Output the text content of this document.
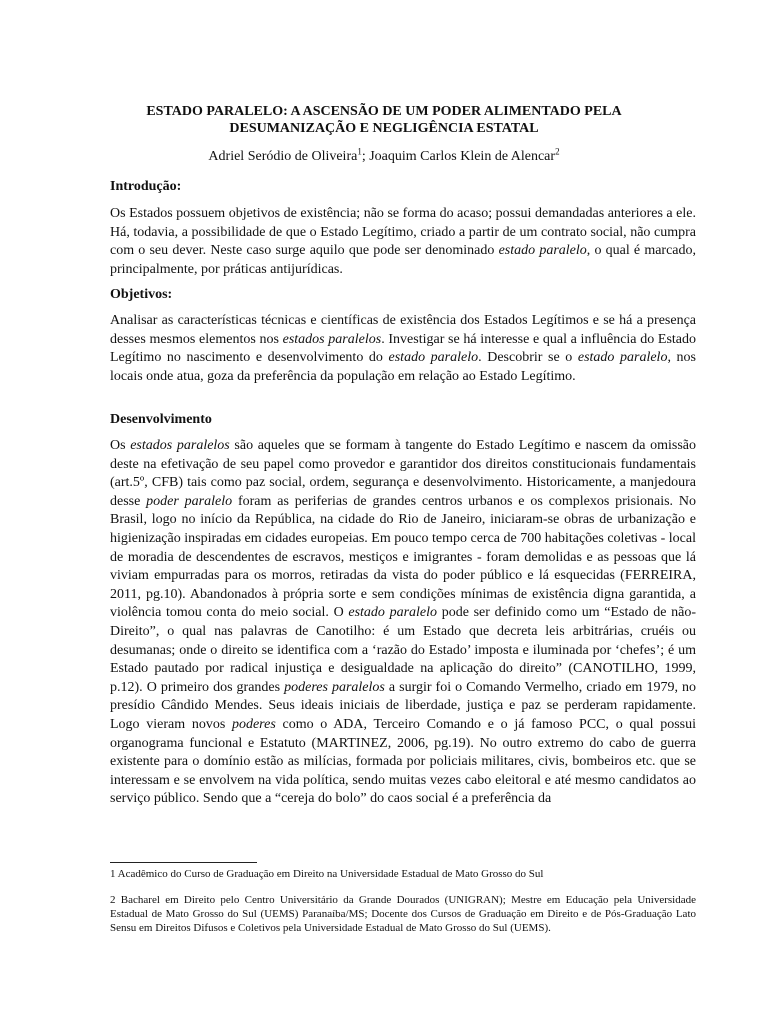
ESTADO PARALELO: A ASCENSÃO DE UM PODER ALIMENTADO PELA
DESUMANIZAÇÃO E NEGLIGÊNCIA ESTATAL
Adriel Seródio de Oliveira$^1$; Joaquim Carlos Klein de Alencar$^2$
Introdução:

Os Estados possuem objetivos de existência; não se forma do acaso; possui demandadas anteriores a ele. Há, todavia, a possibilidade de que o Estado Legítimo, criado a partir de um contrato social, não cumpra com o seu dever. Neste caso surge aquilo que pode ser denominado estado paralelo, o qual é marcado, principalmente, por práticas antijurídicas.

Objetivos:

Analisar as características técnicas e científicas de existência dos Estados Legítimos e se há a presença desses mesmos elementos nos estados paralelos. Investigar se há interesse e qual a influência do Estado Legítimo no nascimento e desenvolvimento do estado paralelo. Descobrir se o estado paralelo, nos locais onde atua, goza da preferência da população em relação ao Estado Legítimo.

Desenvolvimento

Os estados paralelos são aqueles que se formam à tangente do Estado Legítimo e nascem da omissão deste na efetivação de seu papel como provedor e garantidor dos direitos constitucionais fundamentais (art.5º, CFB) tais como paz social, ordem, segurança e desenvolvimento. Historicamente, a manjedoura desse poder paralelo foram as periferias de grandes centros urbanos e os complexos prisionais. No Brasil, logo no início da República, na cidade do Rio de Janeiro, iniciaram-se obras de urbanização e higienização inspiradas em cidades europeias. Em pouco tempo cerca de 700 habitações coletivas - local de moradia de descendentes de escravos, mestiços e imigrantes - foram demolidas e as pessoas que lá viviam empurradas para os morros, retiradas da vista do poder público e lá esquecidas (FERREIRA, 2011, pg.10). Abandonados à própria sorte e sem condições mínimas de existência digna garantida, a violência tomou conta do meio social. O estado paralelo pode ser definido como um “Estado de não-Direito”, o qual nas palavras de Canotilho: é um Estado que decreta leis arbitrárias, cruéis ou desumanas; onde o direito se identifica com a ‘razão do Estado’ imposta e iluminada por ‘chefes’; é um Estado pautado por radical injustiça e desigualdade na aplicação do direito” (CANOTILHO, 1999, p.12). O primeiro dos grandes poderes paralelos a surgir foi o Comando Vermelho, criado em 1979, no presídio Cândido Mendes. Seus ideais iniciais de liberdade, justiça e paz se perderam rapidamente. Logo vieram novos poderes como o ADA, Terceiro Comando e o já famoso PCC, o qual possui organograma funcional e Estatuto (MARTINEZ, 2006, pg.19). No outro extremo do cabo de guerra existente para o domínio estão as milícias, formada por policiais militares, civis, bombeiros etc. que se interessam e se envolvem na vida política, sendo muitas vezes cabo eleitoral e até mesmo candidatos ao serviço público. Sendo que a “cereja do bolo” do caos social é a preferência da

1 Acadêmico do Curso de Graduação em Direito na Universidade Estadual de Mato Grosso do Sul

2 Bacharel em Direito pelo Centro Universitário da Grande Dourados (UNIGRAN); Mestre em Educação pela Universidade Estadual de Mato Grosso do Sul (UEMS) Paranaíba/MS; Docente dos Cursos de Graduação em Direito e de Pós-Graduação Lato Sensu em Direitos Difusos e Coletivos pela Universidade Estadual de Mato Grosso do Sul (UEMS).
